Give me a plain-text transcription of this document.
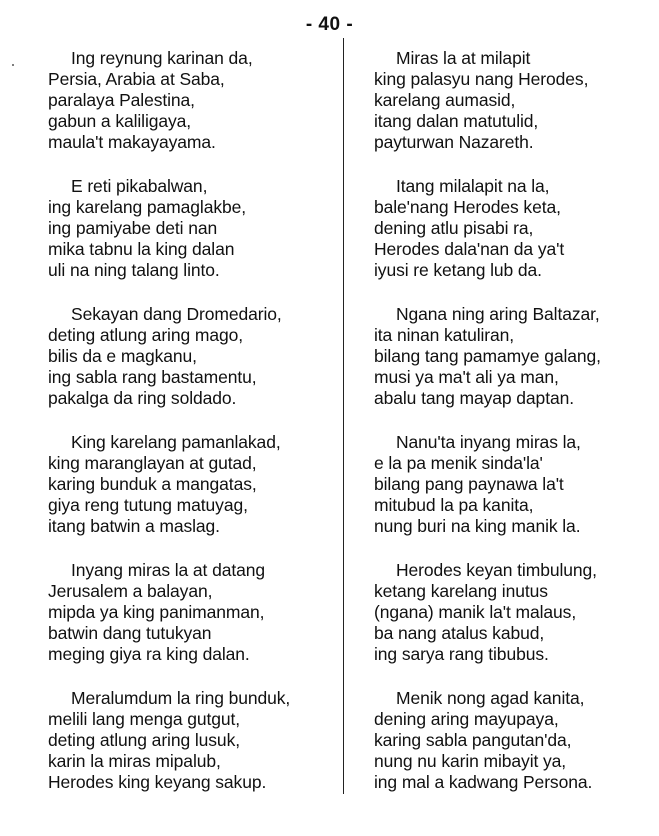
- 40 -
Ing reynung karinan da,
Persia, Arabia at Saba,
paralaya Palestina,
gabun a kaliligaya,
maula't makayayama.
E reti pikabalwan,
ing karelang pamaglakbe,
ing pamiyabe deti nan
mika tabnu la king dalan
uli na ning talang linto.
Sekayan dang Dromedario,
deting atlung aring mago,
bilis da e magkanu,
ing sabla rang bastamentu,
pakalga da ring soldado.
King karelang pamanlakad,
king maranglayan at gutad,
karing bunduk a mangatas,
giya reng tutung matuyag,
itang batwin a maslag.
Inyang miras la at datang
Jerusalem a balayan,
mipda ya king panimanman,
batwin dang tutukyan
meging giya ra king dalan.
Meralumdum la ring bunduk,
melili lang menga gutgut,
deting atlung aring lusuk,
karin la miras mipalub,
Herodes king keyang sakup.
Miras la at milapit
king palasyu nang Herodes,
karelang aumasid,
itang dalan matutulid,
payturwan Nazareth.
Itang milalapit na la,
bale'nang Herodes keta,
dening atlu pisabi ra,
Herodes dala'nan da ya't
iyusi re ketang lub da.
Ngana ning aring Baltazar,
ita ninan katuliran,
bilang tang pamamye galang,
musi ya ma't ali ya man,
abalu tang mayap daptan.
Nanu'ta inyang miras la,
e la pa menik sinda'la'
bilang pang paynawa la't
mitubud la pa kanita,
nung buri na king manik la.
Herodes keyan timbulung,
ketang karelang inutus
(ngana) manik la't malaus,
ba nang atalus kabud,
ing sarya rang tibubus.
Menik nong agad kanita,
dening aring mayupaya,
karing sabla pangutan'da,
nung nu karin mibayit ya,
ing mal a kadwang Persona.
